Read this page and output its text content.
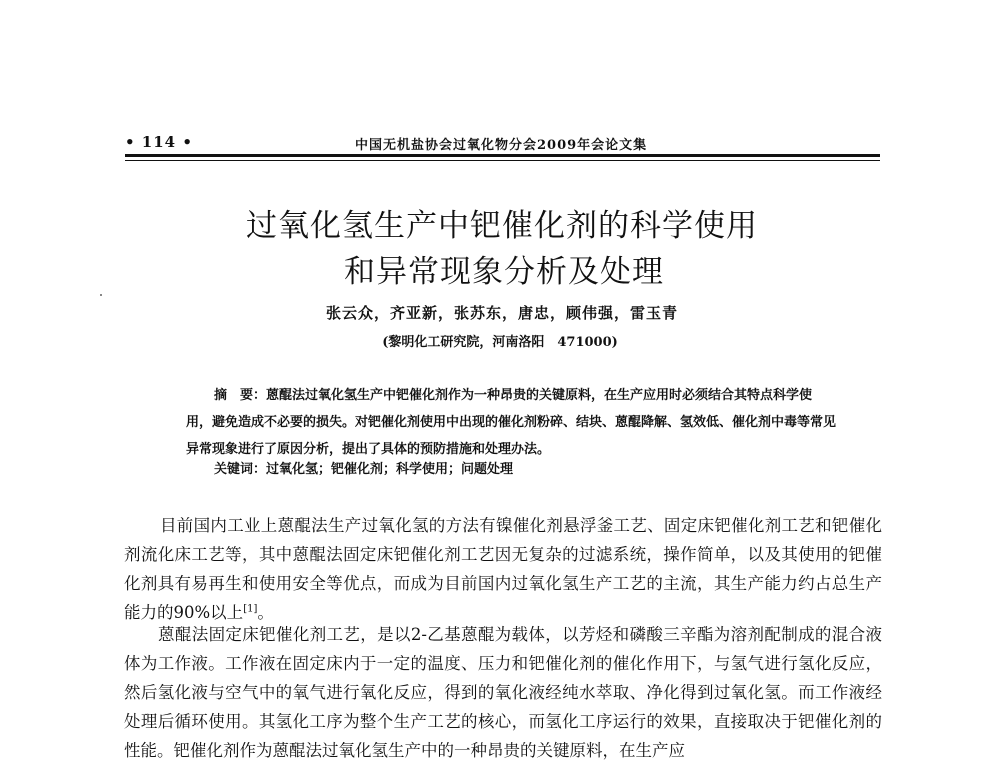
• 114 •	中国无机盐协会过氧化物分会2009年会论文集
过氧化氢生产中钯催化剂的科学使用
和异常现象分析及处理
张云众，齐亚新，张苏东，唐忠，顾伟强，雷玉青
(黎明化工研究院，河南洛阳　471000)
摘　要：蒽醌法过氧化氢生产中钯催化剂作为一种昂贵的关键原料，在生产应用时必须结合其特点科学使用，避免造成不必要的损失。对钯催化剂使用中出现的催化剂粉碎、结块、蒽醌降解、氢效低、催化剂中毒等常见异常现象进行了原因分析，提出了具体的预防措施和处理办法。
关键词：过氧化氢；钯催化剂；科学使用；问题处理
目前国内工业上蒽醌法生产过氧化氢的方法有镍催化剂悬浮釜工艺、固定床钯催化剂工艺和钯催化剂流化床工艺等，其中蒽醌法固定床钯催化剂工艺因无复杂的过滤系统，操作简单，以及其使用的钯催化剂具有易再生和使用安全等优点，而成为目前国内过氧化氢生产工艺的主流，其生产能力约占总生产能力的90%以上[1]。
蒽醌法固定床钯催化剂工艺，是以2-乙基蒽醌为载体，以芳烃和磷酸三辛酯为溶剂配制成的混合液体为工作液。工作液在固定床内于一定的温度、压力和钯催化剂的催化作用下，与氢气进行氢化反应，然后氢化液与空气中的氧气进行氧化反应，得到的氧化液经纯水萃取、净化得到过氧化氢。而工作液经处理后循环使用。其氢化工序为整个生产工艺的核心，而氢化工序运行的效果，直接取决于钯催化剂的性能。钯催化剂作为蒽醌法过氧化氢生产中的一种昂贵的关键原料，在生产应
